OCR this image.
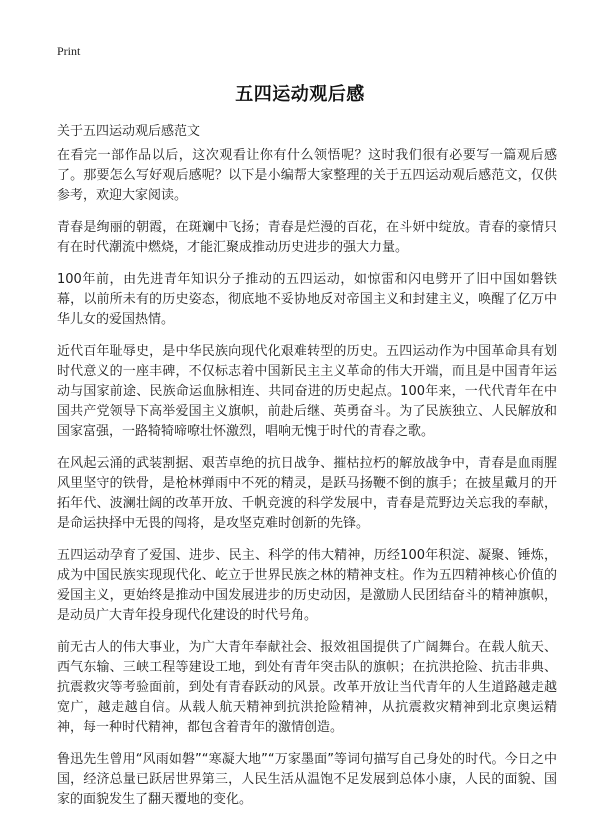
Print
五四运动观后感
关于五四运动观后感范文

在看完一部作品以后，这次观看让你有什么领悟呢？这时我们很有必要写一篇观后感了。那要怎么写好观后感呢？以下是小编帮大家整理的关于五四运动观后感范文，仅供参考，欢迎大家阅读。

青春是绚丽的朝霞，在斑斓中飞扬；青春是烂漫的百花，在斗妍中绽放。青春的豪情只有在时代潮流中燃烧，才能汇聚成推动历史进步的强大力量。

100年前，由先进青年知识分子推动的五四运动，如惊雷和闪电劈开了旧中国如磐铁幕，以前所未有的历史姿态，彻底地不妥协地反对帝国主义和封建主义，唤醒了亿万中华儿女的爱国热情。

近代百年耻辱史，是中华民族向现代化艰难转型的历史。五四运动作为中国革命具有划时代意义的一座丰碑，不仅标志着中国新民主主义革命的伟大开端，而且是中国青年运动与国家前途、民族命运血脉相连、共同奋进的历史起点。100年来，一代代青年在中国共产党领导下高举爱国主义旗帜，前赴后继、英勇奋斗。为了民族独立、人民解放和国家富强，一路犄犄啼嘹壮怀激烈，唱响无愧于时代的青春之歌。

在风起云涌的武装割据、艰苦卓绝的抗日战争、摧枯拉朽的解放战争中，青春是血雨腥风里坚守的铁骨，是枪林弹雨中不死的精灵，是跃马扬鞭不倒的旗手；在披星戴月的开拓年代、波澜壮阔的改革开放、千帆竞渡的科学发展中，青春是荒野边关忘我的奉献，是命运抉择中无畏的闯将，是攻坚克难时创新的先锋。

五四运动孕育了爱国、进步、民主、科学的伟大精神，历经100年积淀、凝聚、锤炼，成为中国民族实现现代化、屹立于世界民族之林的精神支柱。作为五四精神核心价值的爱国主义，更始终是推动中国发展进步的历史动因，是激励人民团结奋斗的精神旗帜，是动员广大青年投身现代化建设的时代号角。

前无古人的伟大事业，为广大青年奉献社会、报效祖国提供了广阔舞台。在载人航天、西气东输、三峡工程等建设工地，到处有青年突击队的旗帜；在抗洪抢险、抗击非典、抗震救灾等考验面前，到处有青春跃动的风景。改革开放让当代青年的人生道路越走越宽广，越走越自信。从载人航天精神到抗洪抢险精神，从抗震救灾精神到北京奥运精神，每一种时代精神，都包含着青年的激情创造。

鲁迅先生曾用“风雨如磐”“寒凝大地”“万家墨面”等词句描写自己身处的时代。今日之中国，经济总量已跃居世界第三，人民生活从温饱不足发展到总体小康，人民的面貌、国家的面貌发生了翻天覆地的变化。
